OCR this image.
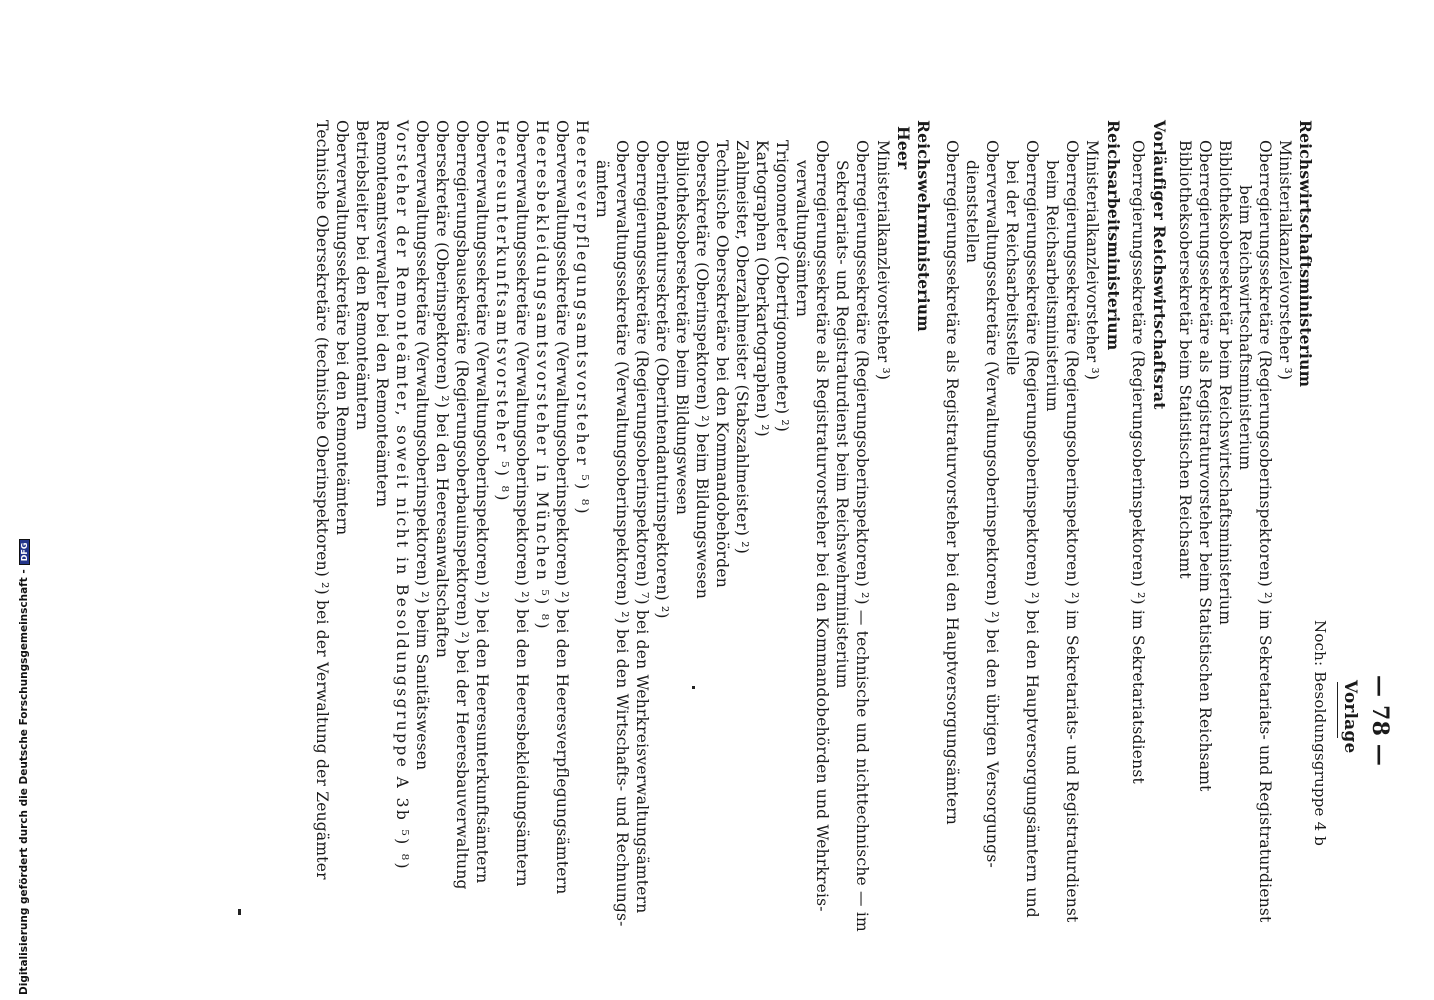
— 78 —
Vorlage
Noch: Besoldungsgruppe 4 b
Reichswirtschaftsministerium
Ministerialkanzleivorsteher ³)
Oberregierungssekretäre (Regierungsoberinspektoren) ²) im Sekretariats- und Registraturdienst
beim Reichswirtschaftsministerium
Bibliotheksobersekretär beim Reichswirtschaftsministerium
Oberregierungssekretäre als Registraturvorsteher beim Statistischen Reichsamt
Bibliotheksobersekretär beim Statistischen Reichsamt
Vorläufiger Reichswirtschaftsrat
Oberregierungssekretäre (Regierungsoberinspektoren) ²) im Sekretariatsdienst
Reichsarbeitsministerium
Ministerialkanzleivorsteher ³)
Oberregierungssekretäre (Regierungsoberinspektoren) ²) im Sekretariats- und Registraturdienst
beim Reichsarbeitsministerium
Oberregierungssekretäre (Regierungsoberinspektoren) ²) bei den Hauptversorgungsämtern und
bei der Reichsarbeitsstelle
Oberverwaltungssekretäre (Verwaltungsoberinspektoren) ²) bei den übrigen Versorgungs-
dienststellen
Oberregierungssekretäre als Registraturvorsteher bei den Hauptversorgungsämtern
Reichswehrministerium
Heer
Ministerialkanzleivorsteher ³)
Oberregierungssekretäre (Regierungsoberinspektoren) ²) — technische und nichttechnische — im
Sekretariats- und Registraturdienst beim Reichswehrministerium
Oberregierungssekretäre als Registraturvorsteher bei den Kommandobehörden und Wehrkreis-
verwaltungsämtern
Trigonometer (Obertrigonometer) ²)
Kartographen (Oberkartographen) ²)
Zahlmeister, Oberzahlmeister (Stabszahlmeister) ²)
Technische Obersekretäre bei den Kommandobehörden
Obersekretäre (Oberinspektoren) ²) beim Bildungswesen
Bibliotheksobersekretäre beim Bildungswesen
Oberintendantursekretäre (Oberintendanturinspektoren) ²)
Oberregierungssekretäre (Regierungsoberinspektoren) ⁷) bei den Wehrkreisverwaltungsämtern
Oberverwaltungssekretäre (Verwaltungsoberinspektoren) ²) bei den Wirtschafts- und Rechnungs-
ämtern
Heeresverpflegungsamtsvorsteher ⁵) ⁸)
Oberverwaltungssekretäre (Verwaltungsoberinspektoren) ²) bei den Heeresverpflegungsämtern
Heeresbekleidungsamtsvorsteher in München ⁵) ⁸)
Oberverwaltungssekretäre (Verwaltungsoberinspektoren) ²) bei den Heeresbekleidungsämtern
Heeresunterkunftsamtsvorsteher ⁵) ⁸)
Oberverwaltungssekretäre (Verwaltungsoberinspektoren) ²) bei den Heeresunterkunftsämtern
Oberregierungsbausekretäre (Regierungsoberbauinspektoren) ²) bei der Heeresbauverwaltung
Obersekretäre (Oberinspektoren) ²) bei den Heeresanwaltschaften
Oberverwaltungssekretäre (Verwaltungsoberinspektoren) ²) beim Sanitätswesen
Vorsteher der Remonteämter, soweit nicht in Besoldungsgruppe A 3b ⁵) ⁸)
Remonteamtsverwalter bei den Remonteämtern
Betriebsleiter bei den Remonteämtern
Oberverwaltungssekretäre bei den Remonteämtern
Technische Obersekretäre (technische Oberinspektoren) ²) bei der Verwaltung der Zeugämter
Digitalisierung gefördert durch die Deutsche Forschungsgemeinschaft -DFG
